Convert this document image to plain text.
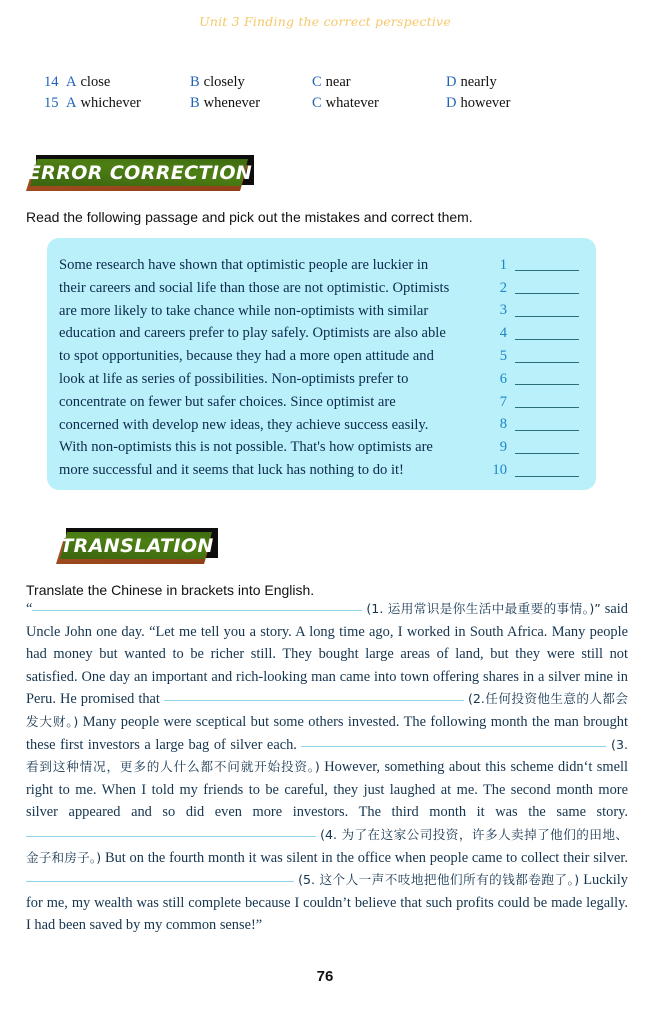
Unit 3 Finding the correct perspective
14 A close	B closely	C near	D nearly
15 A whichever	B whenever	C whatever	D however
ERROR CORRECTION
Read the following passage and pick out the mistakes and correct them.
Some research have shown that optimistic people are luckier in
their careers and social life than those are not optimistic. Optimists
are more likely to take chance while non-optimists with similar
education and careers prefer to play safely. Optimists are also able
to spot opportunities, because they had a more open attitude and
look at life as series of possibilities. Non-optimists prefer to
concentrate on fewer but safer choices. Since optimist are
concerned with develop new ideas, they achieve success easily.
With non-optimists this is not possible. That's how optimists are
more successful and it seems that luck has nothing to do it!
1
2
3
4
5
6
7
8
9
10
TRANSLATION
Translate the Chinese in brackets into English.
“	(1. 运用常识是你生活中最重要的事情。)” said Uncle John one day. “Let me tell you a story. A long time ago, I worked in South Africa. Many people had money but wanted to be richer still. They bought large areas of land, but they were still not satisfied. One day an important and rich-looking man came into town offering shares in a silver mine in Peru. He promised that	(2.任何投资他生意的人都会发大财。) Many people were sceptical but some others invested. The following month the man brought these first investors a large bag of silver each.	(3. 看到这种情况，更多的人什么都不问就开始投资。) However, something about this scheme didn‘t smell right to me. When I told my friends to be careful, they just laughed at me. The second month more silver appeared and so did even more investors. The third month it was the same story.  (4. 为了在这家公司投资，许多人卖掉了他们的田地、金子和房子。) But on the fourth month it was silent in the office when people came to collect their silver.  (5. 这个人一声不吱地把他们所有的钱都卷跑了。) Luckily for me, my wealth was still complete because I couldn’t believe that such profits could be made legally. I had been saved by my common sense!”
76
